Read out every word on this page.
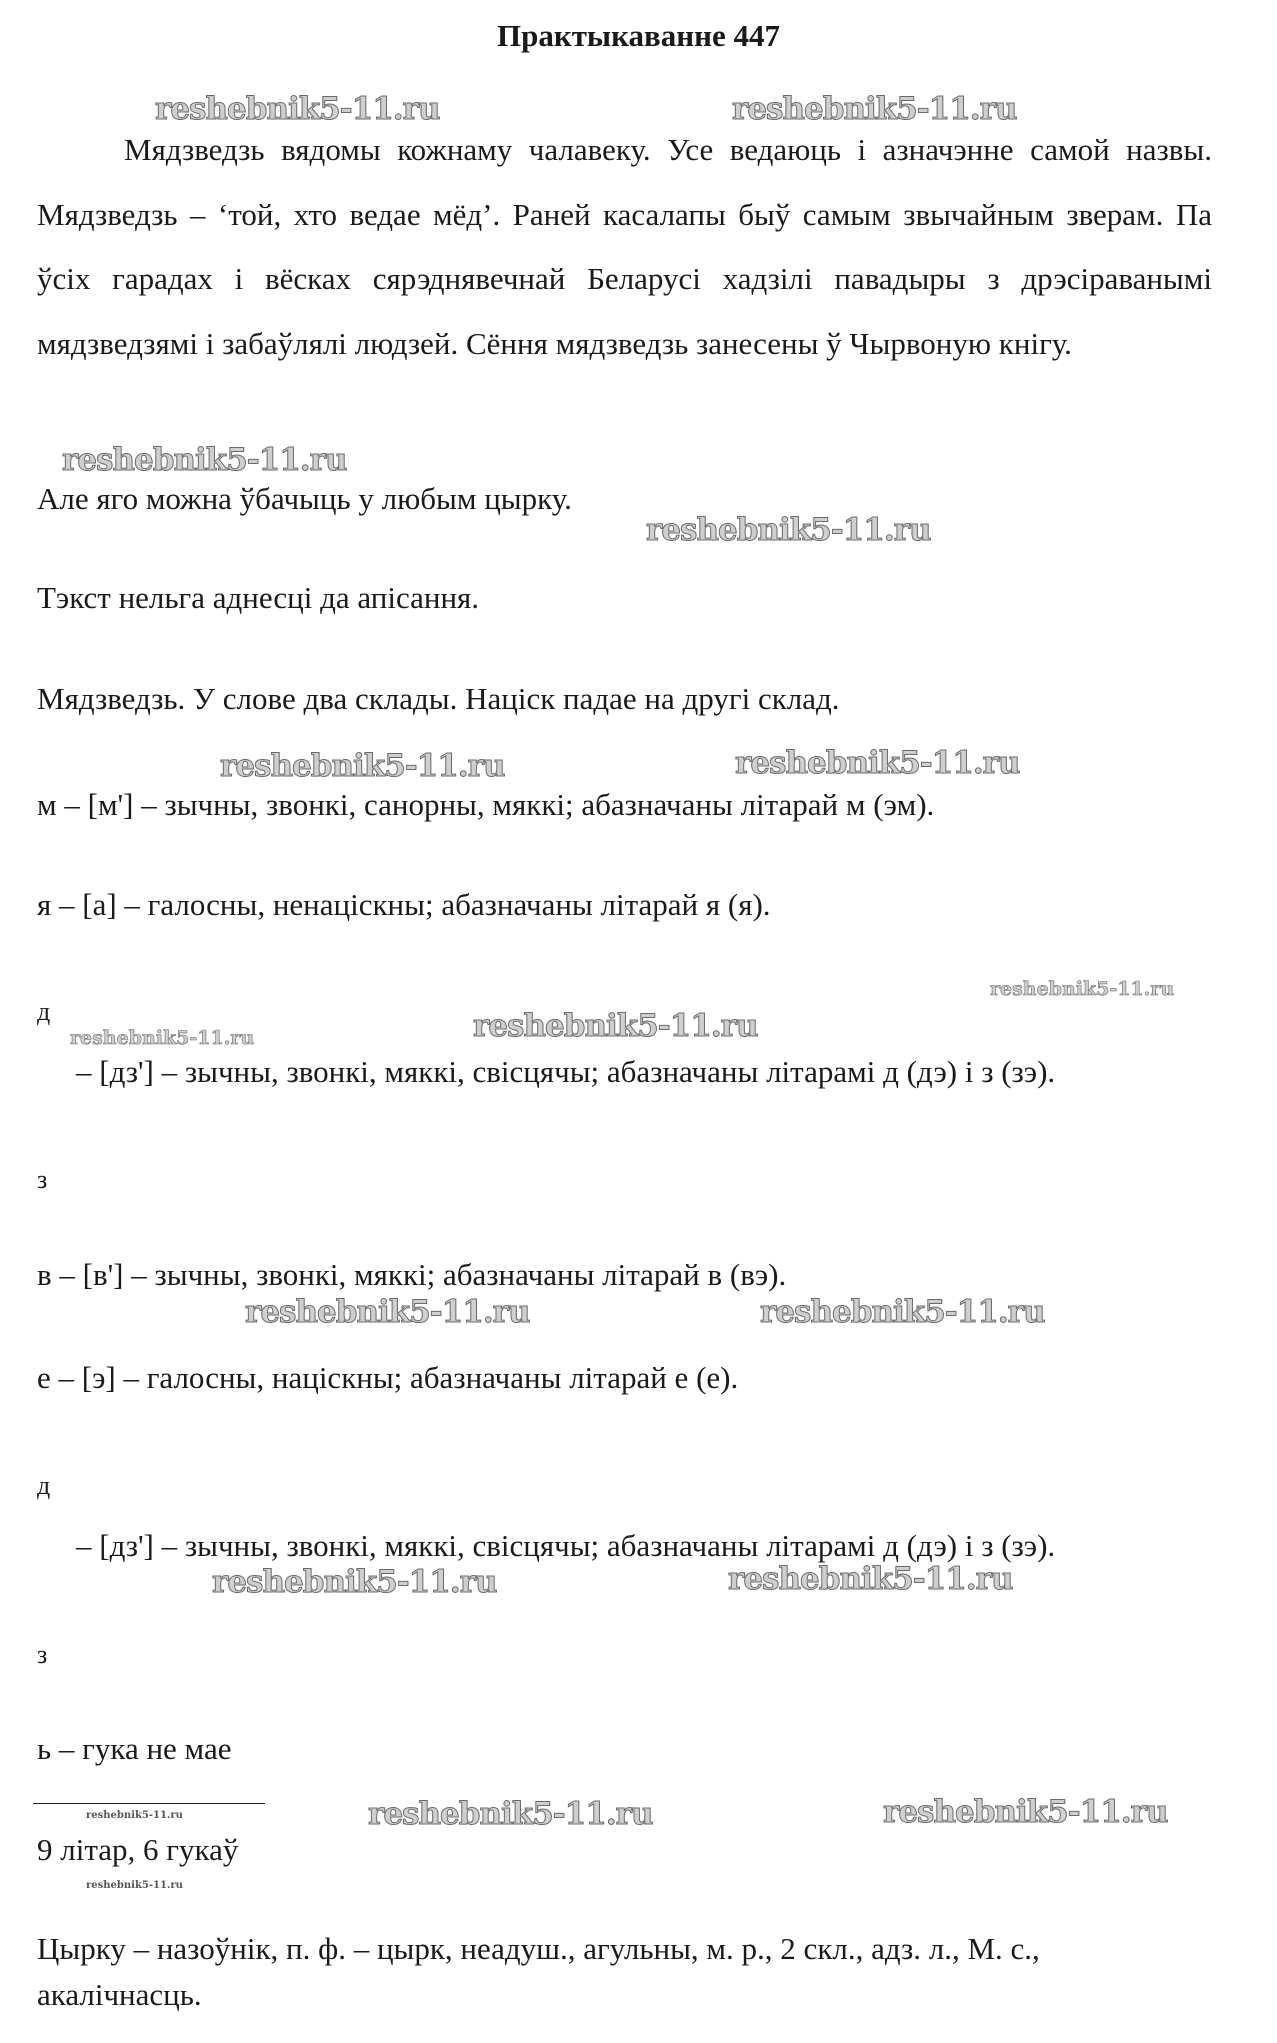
Практыкаванне 447

Мядзведзь вядомы кожнаму чалавеку. Усе ведаюць і азначэнне самой назвы. Мядзведзь – ‘той, хто ведае мёд’. Раней касалапы быў самым звычайным зверам. Па ўсіх гарадах і вёсках сярэднявечнай Беларусі хадзілі павадыры з дрэсіраванымі мядзведзямі і забаўлялі людзей. Сёння мядзведзь занесены ў Чырвоную кнігу.

Але яго можна ўбачыць у любым цырку.

Тэкст нельга аднесці да апісання.

Мядзведзь. У слове два склады. Націск падае на другі склад.

м – [м'] – зычны, звонкі, санорны, мяккі; абазначаны літарай м (эм).

я – [а] – галосны, ненаціскны; абазначаны літарай я (я).

д

– [дз'] – зычны, звонкі, мяккі, свісцячы; абазначаны літарамі д (дэ) і з (зэ).

з

в – [в'] – зычны, звонкі, мяккі; абазначаны літарай в (вэ).

е – [э] – галосны, націскны; абазначаны літарай е (е).

д

– [дз'] – зычны, звонкі, мяккі, свісцячы; абазначаны літарамі д (дэ) і з (зэ).

з

ь – гука не мае

9 літар, 6 гукаў

Цырку – назоўнік, п. ф. – цырк, неадуш., агульны, м. р., 2 скл., адз. л., М. с.,

акалічнасць.

reshebnik5-11.ru	reshebnik5-11.ru
reshebnik5-11.ru
reshebnik5-11.ru
reshebnik5-11.ru	reshebnik5-11.ru
reshebnik5-11.ru
reshebnik5-11.ru	reshebnik5-11.ru
reshebnik5-11.ru	reshebnik5-11.ru
reshebnik5-11.ru	reshebnik5-11.ru
reshebnik5-11.ru	reshebnik5-11.ru
reshebnik5-11.ru
reshebnik5-11.ru
